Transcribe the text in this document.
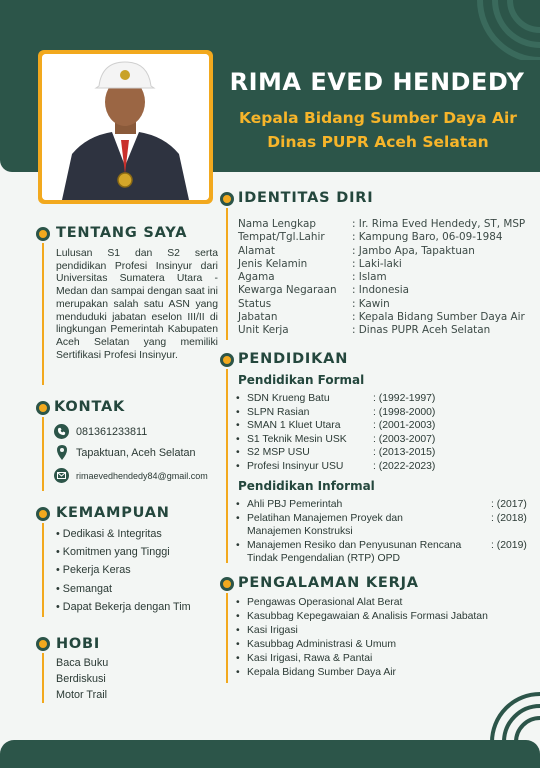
RIMA EVED HENDEDY
Kepala Bidang Sumber Daya Air
Dinas PUPR Aceh Selatan
TENTANG SAYA
Lulusan S1 dan S2 serta pendidikan Profesi Insinyur dari Universitas Sumatera Utara - Medan dan sampai dengan saat ini merupakan salah satu ASN yang menduduki jabatan eselon III/II di lingkungan Pemerintah Kabupaten Aceh Selatan yang memiliki Sertifikasi Profesi Insinyur.
KONTAK
081361233811
Tapaktuan, Aceh Selatan
rimaevedhendedy84@gmail.com
KEMAMPUAN
• Dedikasi & Integritas
• Komitmen yang Tinggi
• Pekerja Keras
• Semangat
• Dapat Bekerja dengan Tim
HOBI
Baca Buku
Berdiskusi
Motor Trail
IDENTITAS DIRI
Nama Lengkap	: Ir. Rima Eved Hendedy, ST, MSP
Tempat/Tgl.Lahir	: Kampung Baro, 06-09-1984
Alamat	: Jambo Apa, Tapaktuan
Jenis Kelamin	: Laki-laki
Agama	: Islam
Kewarga Negaraan	: Indonesia
Status	: Kawin
Jabatan	: Kepala Bidang Sumber Daya Air
Unit Kerja	: Dinas PUPR Aceh Selatan
PENDIDIKAN
Pendidikan Formal
• SDN Krueng Batu	: (1992-1997)
• SLPN Rasian	: (1998-2000)
• SMAN 1 Kluet Utara	: (2001-2003)
• S1 Teknik Mesin USK	: (2003-2007)
• S2 MSP USU	: (2013-2015)
• Profesi Insinyur USU	: (2022-2023)
Pendidikan Informal
• Ahli PBJ Pemerintah	: (2017)
• Pelatihan Manajemen Proyek dan
Manajemen Konstruksi
: (2018)
• Manajemen Resiko dan Penyusunan Rencana
Tindak Pengendalian (RTP) OPD
: (2019)
PENGALAMAN KERJA
• Pengawas Operasional Alat Berat
• Kasubbag Kepegawaian & Analisis Formasi Jabatan
• Kasi Irigasi
• Kasubbag Administrasi & Umum
• Kasi Irigasi, Rawa & Pantai
• Kepala Bidang Sumber Daya Air
